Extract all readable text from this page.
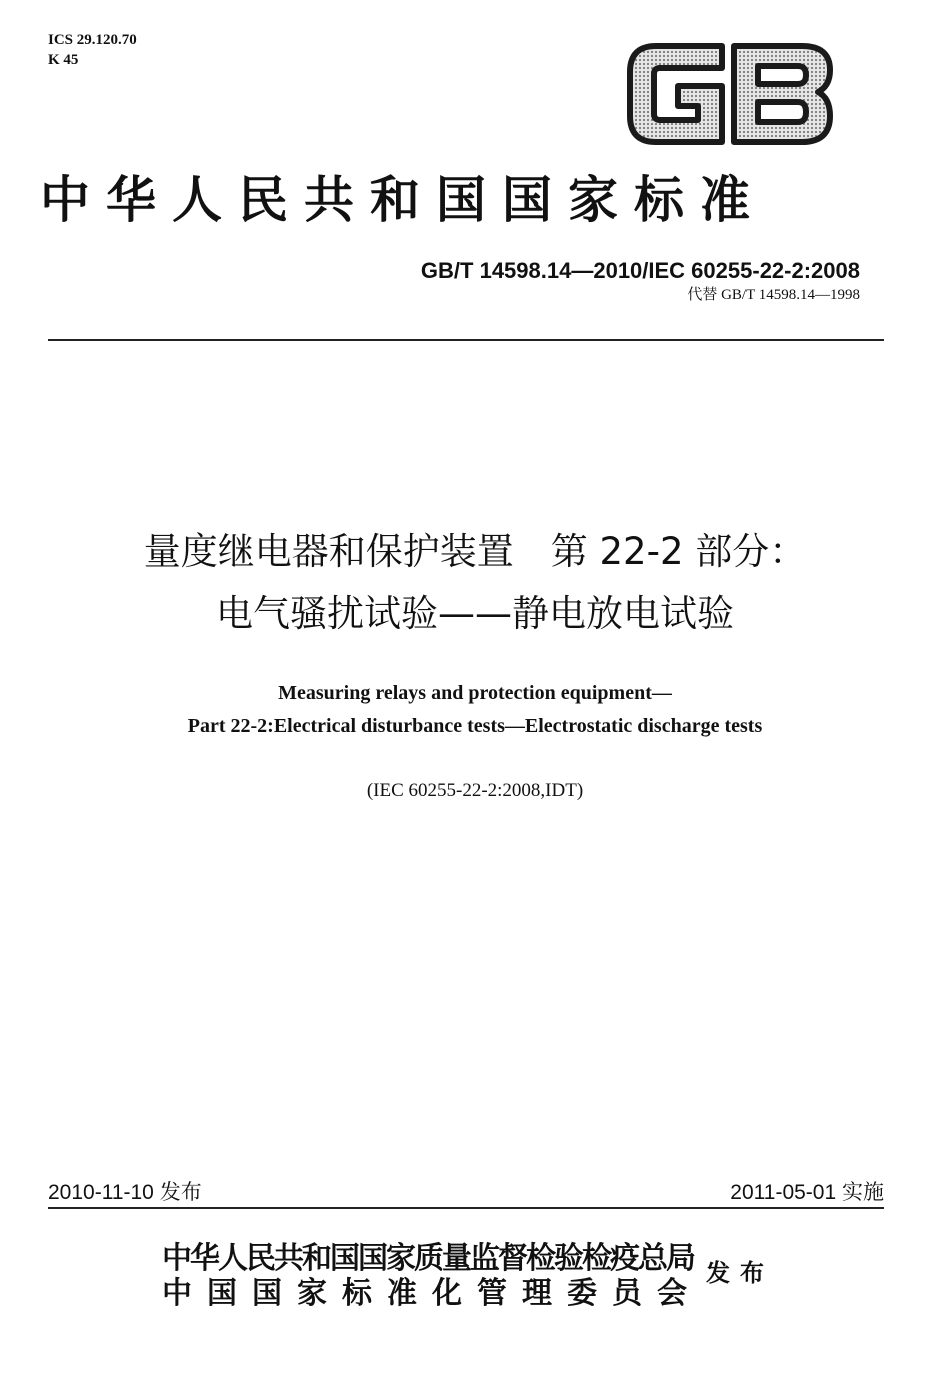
ICS 29.120.70
K 45
GB
中华人民共和国国家标准
GB/T 14598.14—2010/IEC 60255-22-2:2008
代替 GB/T 14598.14—1998
量度继电器和保护装置　第 22-2 部分：
电气骚扰试验——静电放电试验
Measuring relays and protection equipment—
Part 22-2:Electrical disturbance tests—Electrostatic discharge tests
(IEC 60255-22-2:2008,IDT)
2010-11-10 发布	2011-05-01 实施
中华人民共和国国家质量监督检验检疫总局
中国国家标准化管理委员会
发布
